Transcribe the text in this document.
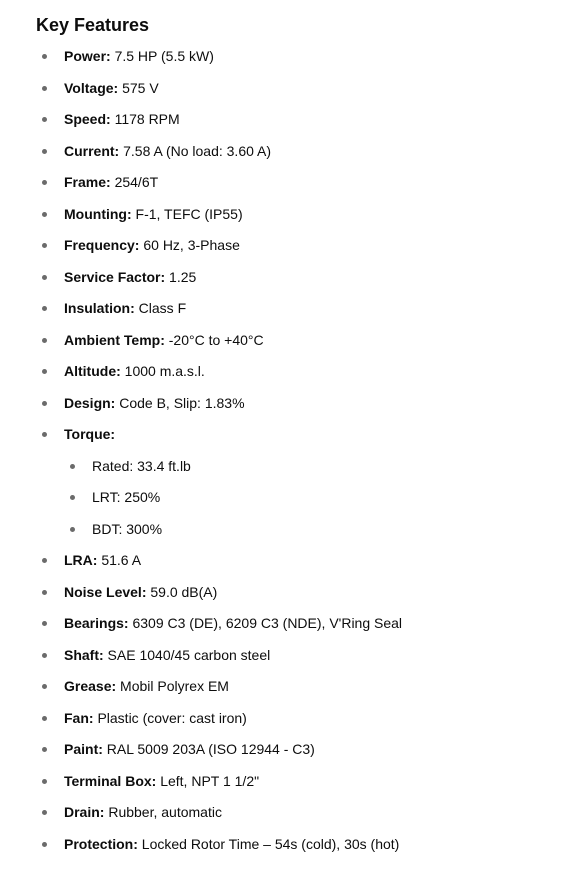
Key Features
Power: 7.5 HP (5.5 kW)
Voltage: 575 V
Speed: 1178 RPM
Current: 7.58 A (No load: 3.60 A)
Frame: 254/6T
Mounting: F-1, TEFC (IP55)
Frequency: 60 Hz, 3-Phase
Service Factor: 1.25
Insulation: Class F
Ambient Temp: -20°C to +40°C
Altitude: 1000 m.a.s.l.
Design: Code B, Slip: 1.83%
Torque:
Rated: 33.4 ft.lb
LRT: 250%
BDT: 300%
LRA: 51.6 A
Noise Level: 59.0 dB(A)
Bearings: 6309 C3 (DE), 6209 C3 (NDE), V'Ring Seal
Shaft: SAE 1040/45 carbon steel
Grease: Mobil Polyrex EM
Fan: Plastic (cover: cast iron)
Paint: RAL 5009 203A (ISO 12944 - C3)
Terminal Box: Left, NPT 1 1/2"
Drain: Rubber, automatic
Protection: Locked Rotor Time – 54s (cold), 30s (hot)
